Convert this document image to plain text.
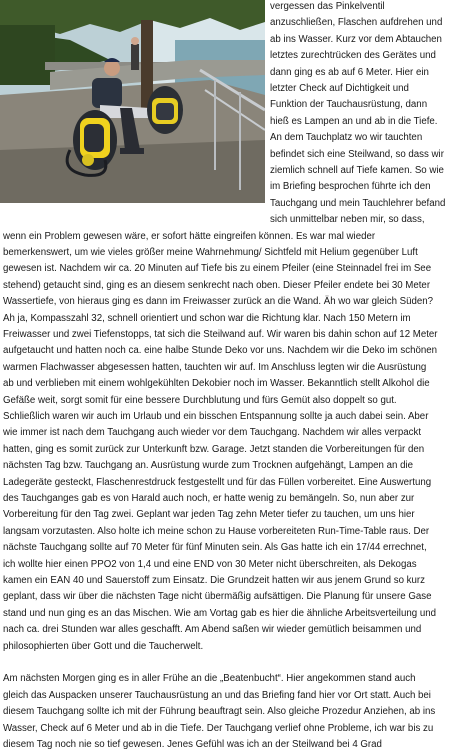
vergessen das Pinkelventil
anzuschließen, Flaschen aufdrehen und
ab ins Wasser. Kurz vor dem Abtauchen
letztes zurechtrücken des Gerätes und
dann ging es ab auf 6 Meter. Hier ein
letzter Check auf Dichtigkeit und
Funktion der Tauchausrüstung, dann
hieß es Lampen an und ab in die Tiefe.
An dem Tauchplatz wo wir tauchten
befindet sich eine Steilwand, so dass wir
ziemlich schnell auf Tiefe kamen. So wie
im Briefing besprochen führte ich den
Tauchgang und mein Tauchlehrer befand
sich unmittelbar neben mir, so dass,
wenn ein Problem gewesen wäre, er sofort hätte eingreifen können. Es war mal wieder
bemerkenswert, um wie vieles größer meine Wahrnehmung/ Sichtfeld mit Helium gegenüber Luft
gewesen ist. Nachdem wir ca. 20 Minuten auf Tiefe bis zu einem Pfeiler (eine Steinnadel frei im See
stehend) getaucht sind, ging es an diesem senkrecht nach oben. Dieser Pfeiler endete bei 30 Meter
Wassertiefe, von hieraus ging es dann im Freiwasser zurück an die Wand. Äh wo war gleich Süden?
Ah ja, Kompasszahl 32, schnell orientiert und schon war die Richtung klar. Nach 150 Metern im
Freiwasser und zwei Tiefenstopps, tat sich die Steilwand auf. Wir waren bis dahin schon auf 12 Meter
aufgetaucht und hatten noch ca. eine halbe Stunde Deko vor uns. Nachdem wir die Deko im schönen
warmen Flachwasser abgesessen hatten, tauchten wir auf. Im Anschluss legten wir die Ausrüstung
ab und verblieben mit einem wohlgekühlten Dekobier noch im Wasser. Bekanntlich stellt Alkohol die
Gefäße weit, sorgt somit für eine bessere Durchblutung und fürs Gemüt also doppelt so gut.
Schließlich waren wir auch im Urlaub und ein bisschen Entspannung sollte ja auch dabei sein. Aber
wie immer ist nach dem Tauchgang auch wieder vor dem Tauchgang. Nachdem wir alles verpackt
hatten, ging es somit zurück zur Unterkunft bzw. Garage. Jetzt standen die Vorbereitungen für den
nächsten Tag bzw. Tauchgang an. Ausrüstung wurde zum Trocknen aufgehängt, Lampen an die
Ladegeräte gesteckt, Flaschenrestdruck festgestellt und für das Füllen vorbereitet. Eine Auswertung
des Tauchganges gab es von Harald auch noch, er hatte wenig zu bemängeln. So, nun aber zur
Vorbereitung für den Tag zwei. Geplant war jeden Tag zehn Meter tiefer zu tauchen, um uns hier
langsam vorzutasten. Also holte ich meine schon zu Hause vorbereiteten Run-Time-Table raus. Der
nächste Tauchgang sollte auf 70 Meter für fünf Minuten sein. Als Gas hatte ich ein 17/44 errechnet,
ich wollte hier einen PPO2 von 1,4 und eine END von 30 Meter nicht überschreiten, als Dekogas
kamen ein EAN 40 und Sauerstoff zum Einsatz. Die Grundzeit hatten wir aus jenem Grund so kurz
geplant, dass wir über die nächsten Tage nicht übermäßig aufsättigen. Die Planung für unsere Gase
stand und nun ging es an das Mischen. Wie am Vortag gab es hier die ähnliche Arbeitsverteilung und
nach ca. drei Stunden war alles geschafft. Am Abend saßen wir wieder gemütlich beisammen und
philosophierten über Gott und die Taucherwelt.
Am nächsten Morgen ging es in aller Frühe an die „Beatenbucht“. Hier angekommen stand auch
gleich das Auspacken unserer Tauchausrüstung an und das Briefing fand hier vor Ort statt. Auch bei
diesem Tauchgang sollte ich mit der Führung beauftragt sein. Also gleiche Prozedur Anziehen, ab ins
Wasser, Check auf 6 Meter und ab in die Tiefe. Der Tauchgang verlief ohne Probleme, ich war bis zu
diesem Tag noch nie so tief gewesen. Jenes Gefühl was ich an der Steilwand bei 4 Grad
